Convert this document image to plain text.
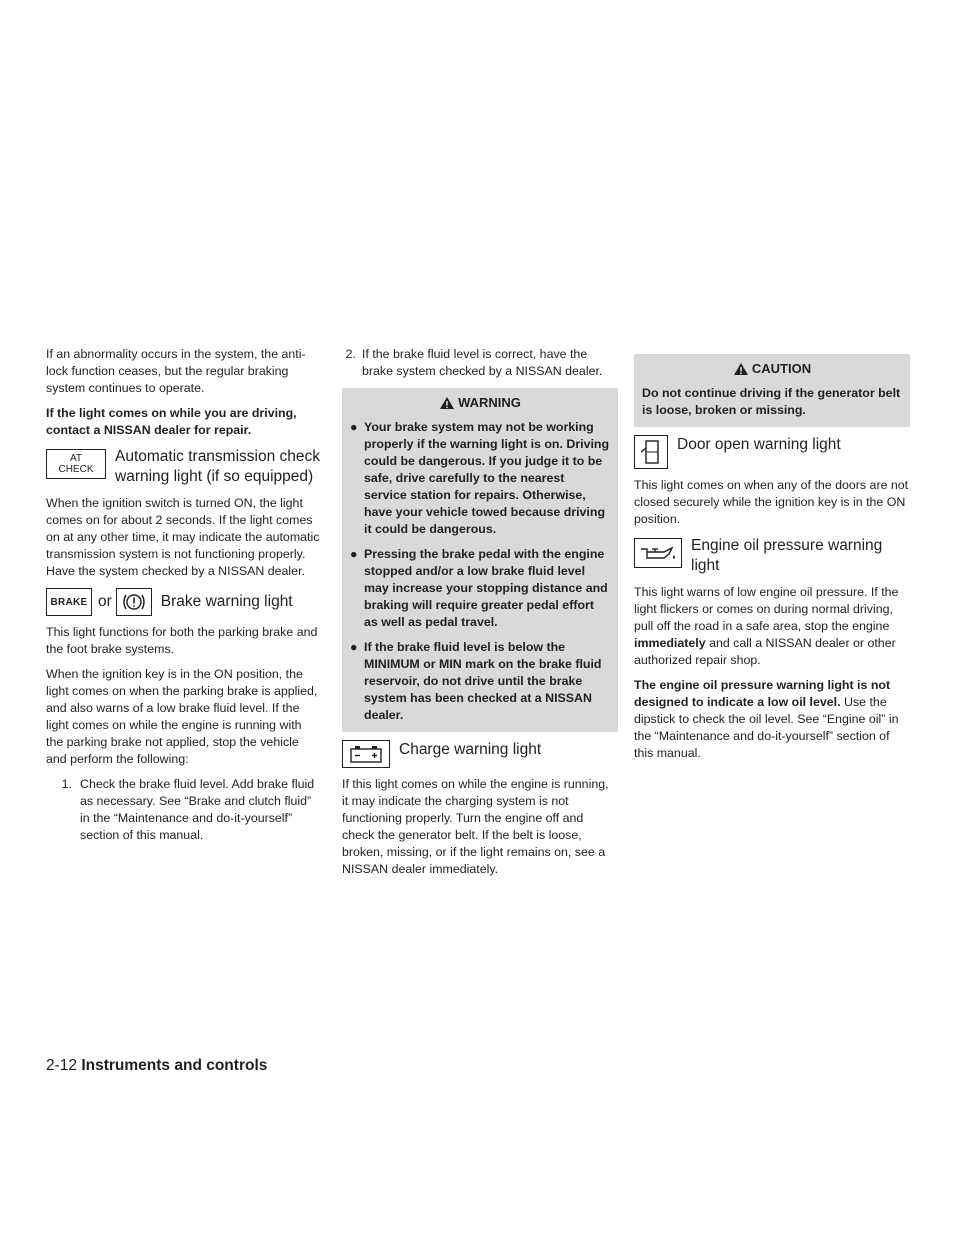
If an abnormality occurs in the system, the anti-lock function ceases, but the regular braking system continues to operate.

If the light comes on while you are driving, contact a NISSAN dealer for repair.

AT
CHECK
Automatic transmission check warning light (if so equipped)

When the ignition switch is turned ON, the light comes on for about 2 seconds. If the light comes on at any other time, it may indicate the automatic transmission system is not functioning properly. Have the system checked by a NISSAN dealer.

BRAKE or	Brake warning light

This light functions for both the parking brake and the foot brake systems.

When the ignition key is in the ON position, the light comes on when the parking brake is applied, and also warns of a low brake fluid level. If the light comes on while the engine is running with the parking brake not applied, stop the vehicle and perform the following:

1. Check the brake fluid level. Add brake fluid as necessary. See “Brake and clutch fluid” in the “Maintenance and do-it-yourself” section of this manual.
2. If the brake fluid level is correct, have the brake system checked by a NISSAN dealer.
WARNING
● Your brake system may not be working properly if the warning light is on. Driving could be dangerous. If you judge it to be safe, drive carefully to the nearest service station for repairs. Otherwise, have your vehicle towed because driving it could be dangerous.
● Pressing the brake pedal with the engine stopped and/or a low brake fluid level may increase your stopping distance and braking will require greater pedal effort as well as pedal travel.
● If the brake fluid level is below the MINIMUM or MIN mark on the brake fluid reservoir, do not drive until the brake system has been checked at a NISSAN dealer.
Charge warning light

If this light comes on while the engine is running, it may indicate the charging system is not functioning properly. Turn the engine off and check the generator belt. If the belt is loose, broken, missing, or if the light remains on, see a NISSAN dealer immediately.

CAUTION
Do not continue driving if the generator belt is loose, broken or missing.
Door open warning light

This light comes on when any of the doors are not closed securely while the ignition key is in the ON position.

Engine oil pressure warning light

This light warns of low engine oil pressure. If the light flickers or comes on during normal driving, pull off the road in a safe area, stop the engine immediately and call a NISSAN dealer or other authorized repair shop.

The engine oil pressure warning light is not designed to indicate a low oil level. Use the dipstick to check the oil level. See “Engine oil” in the “Maintenance and do-it-yourself” section of this manual.

2-12 Instruments and controls
